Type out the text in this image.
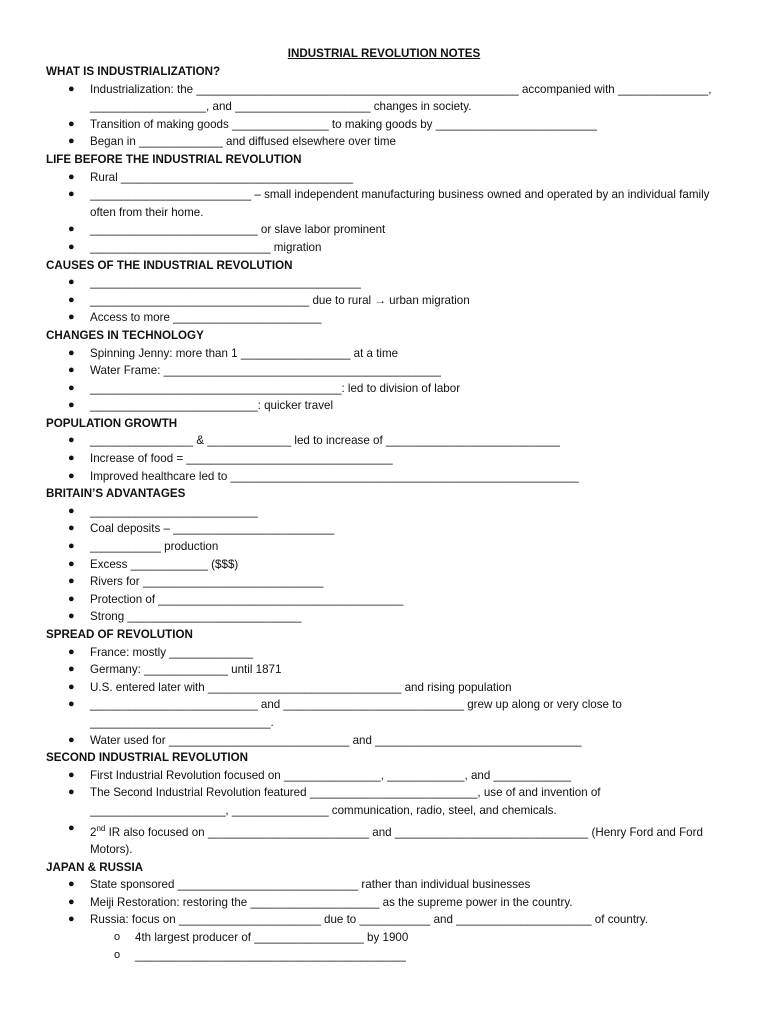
INDUSTRIAL REVOLUTION NOTES
WHAT IS INDUSTRIALIZATION?
● Industrialization: the __________________________________________________ accompanied with ______________,
__________________, and _____________________ changes in society.
● Transition of making goods _______________ to making goods by _________________________
● Began in _____________ and diffused elsewhere over time
LIFE BEFORE THE INDUSTRIAL REVOLUTION
● Rural ____________________________________
● _________________________ – small independent manufacturing business owned and operated by an individual family
often from their home.
● __________________________ or slave labor prominent
● ____________________________ migration
CAUSES OF THE INDUSTRIAL REVOLUTION
● __________________________________________
● __________________________________ due to rural → urban migration
● Access to more _______________________
CHANGES IN TECHNOLOGY
● Spinning Jenny: more than 1 _________________ at a time
● Water Frame: ___________________________________________
● _______________________________________: led to division of labor
● __________________________: quicker travel
POPULATION GROWTH
● ________________ & _____________ led to increase of ___________________________
● Increase of food = ________________________________
● Improved healthcare led to ______________________________________________________
BRITAIN’S ADVANTAGES
● __________________________
● Coal deposits – _________________________
● ___________ production
● Excess ____________ ($$$)
● Rivers for ____________________________
● Protection of ______________________________________
● Strong ___________________________
SPREAD OF REVOLUTION
● France: mostly _____________
● Germany: _____________ until 1871
● U.S. entered later with ______________________________ and rising population
● __________________________ and ____________________________ grew up along or very close to
____________________________.
● Water used for ____________________________ and ________________________________
SECOND INDUSTRIAL REVOLUTION
● First Industrial Revolution focused on _______________, ____________, and ____________
● The Second Industrial Revolution featured __________________________, use of and invention of
_____________________, _______________ communication, radio, steel, and chemicals.
● 2nd IR also focused on _________________________ and ______________________________ (Henry Ford and Ford
Motors).
JAPAN & RUSSIA
● State sponsored ____________________________ rather than individual businesses
● Meiji Restoration: restoring the ____________________ as the supreme power in the country.
● Russia: focus on ______________________ due to ___________ and _____________________ of country.
o 4th largest producer of _________________ by 1900
o __________________________________________
